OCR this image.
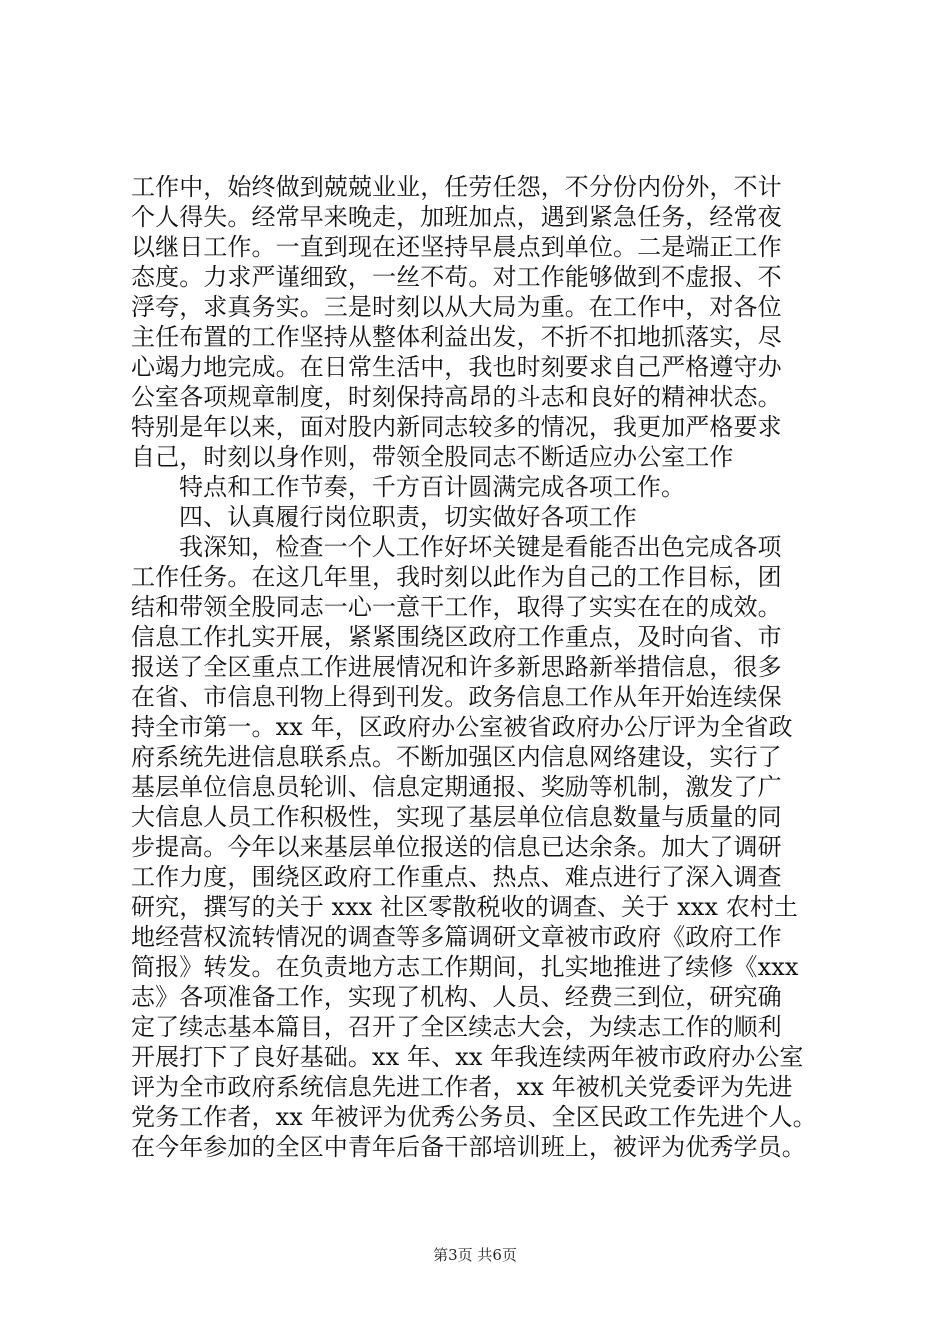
工作中，始终做到兢兢业业，任劳任怨，不分份内份外，不计
个人得失。经常早来晚走，加班加点，遇到紧急任务，经常夜
以继日工作。一直到现在还坚持早晨点到单位。二是端正工作
态度。力求严谨细致，一丝不苟。对工作能够做到不虚报、不
浮夸，求真务实。三是时刻以从大局为重。在工作中，对各位
主任布置的工作坚持从整体利益出发，不折不扣地抓落实，尽
心竭力地完成。在日常生活中，我也时刻要求自己严格遵守办
公室各项规章制度，时刻保持高昂的斗志和良好的精神状态。
特别是年以来，面对股内新同志较多的情况，我更加严格要求
自己，时刻以身作则，带领全股同志不断适应办公室工作
特点和工作节奏，千方百计圆满完成各项工作。
四、认真履行岗位职责，切实做好各项工作
我深知，检查一个人工作好坏关键是看能否出色完成各项
工作任务。在这几年里，我时刻以此作为自己的工作目标，团
结和带领全股同志一心一意干工作，取得了实实在在的成效。
信息工作扎实开展，紧紧围绕区政府工作重点，及时向省、市
报送了全区重点工作进展情况和许多新思路新举措信息，很多
在省、市信息刊物上得到刊发。政务信息工作从年开始连续保
持全市第一。xx 年，区政府办公室被省政府办公厅评为全省政
府系统先进信息联系点。不断加强区内信息网络建设，实行了
基层单位信息员轮训、信息定期通报、奖励等机制，激发了广
大信息人员工作积极性，实现了基层单位信息数量与质量的同
步提高。今年以来基层单位报送的信息已达余条。加大了调研
工作力度，围绕区政府工作重点、热点、难点进行了深入调查
研究，撰写的关于 xxx 社区零散税收的调查、关于 xxx 农村土
地经营权流转情况的调查等多篇调研文章被市政府《政府工作
简报》转发。在负责地方志工作期间，扎实地推进了续修《xxx
志》各项准备工作，实现了机构、人员、经费三到位，研究确
定了续志基本篇目，召开了全区续志大会，为续志工作的顺利
开展打下了良好基础。xx 年、xx 年我连续两年被市政府办公室
评为全市政府系统信息先进工作者，xx 年被机关党委评为先进
党务工作者，xx 年被评为优秀公务员、全区民政工作先进个人。
在今年参加的全区中青年后备干部培训班上，被评为优秀学员。
第3页 共6页
